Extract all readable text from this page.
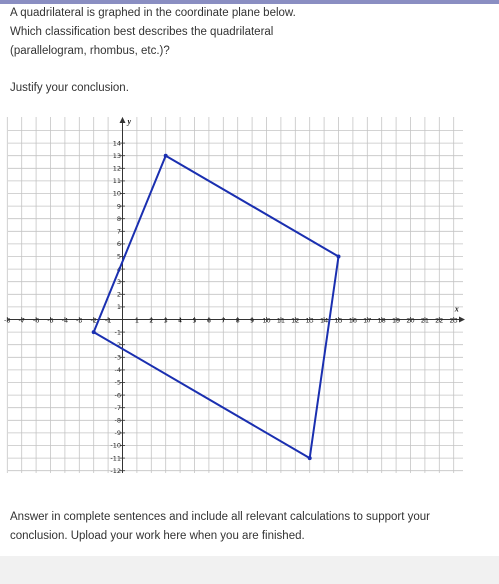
A quadrilateral is graphed in the coordinate plane below.
Which classification best describes the quadrilateral
(parallelogram, rhombus, etc.)?
Justify your conclusion.
-8 -7 -6 -5 -4 -3 -2 -1	1 2 3 4 5 6 7 8 9 10 11 12 13 14 15 16 17 18 19 20 21 22 23
14
13
12
11
10
9
8
7
6
5
4
3
2
1
-1
-2
-3
-4
-5
-6
-7
-8
-9
-10
-11
-12
x
y
Answer in complete sentences and include all relevant calculations to support your
conclusion. Upload your work here when you are finished.
